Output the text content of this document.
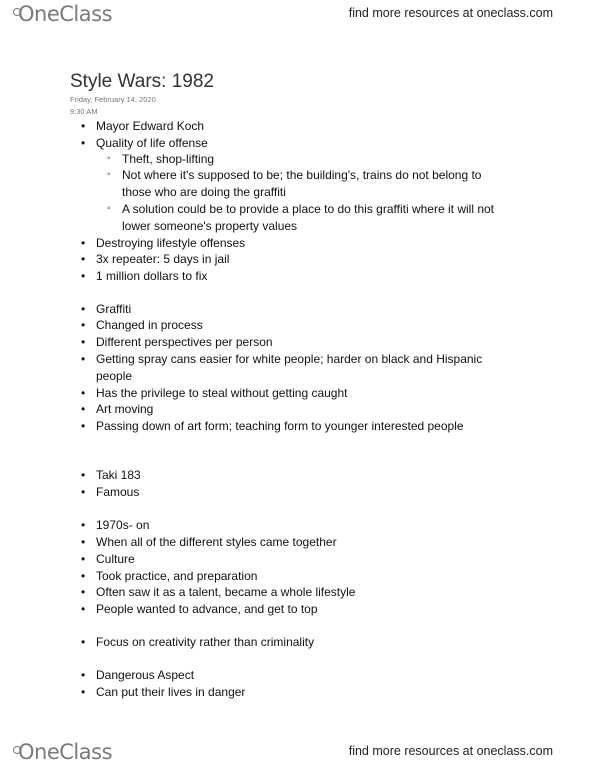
OneClass	find more resources at oneclass.com
Style Wars: 1982
Friday, February 14, 2020
9:30 AM
• Mayor Edward Koch
• Quality of life offense
◦ Theft, shop-lifting
◦ Not where it's supposed to be; the building's, trains do not belong to
those who are doing the graffiti
◦ A solution could be to provide a place to do this graffiti where it will not
lower someone's property values
• Destroying lifestyle offenses
• 3x repeater: 5 days in jail
• 1 million dollars to fix
• Graffiti
• Changed in process
• Different perspectives per person
• Getting spray cans easier for white people; harder on black and Hispanic
people
• Has the privilege to steal without getting caught
• Art moving
• Passing down of art form; teaching form to younger interested people
• Taki 183
• Famous
• 1970s- on
• When all of the different styles came together
• Culture
• Took practice, and preparation
• Often saw it as a talent, became a whole lifestyle
• People wanted to advance, and get to top
• Focus on creativity rather than criminality
• Dangerous Aspect
• Can put their lives in danger
OneClass	find more resources at oneclass.com
